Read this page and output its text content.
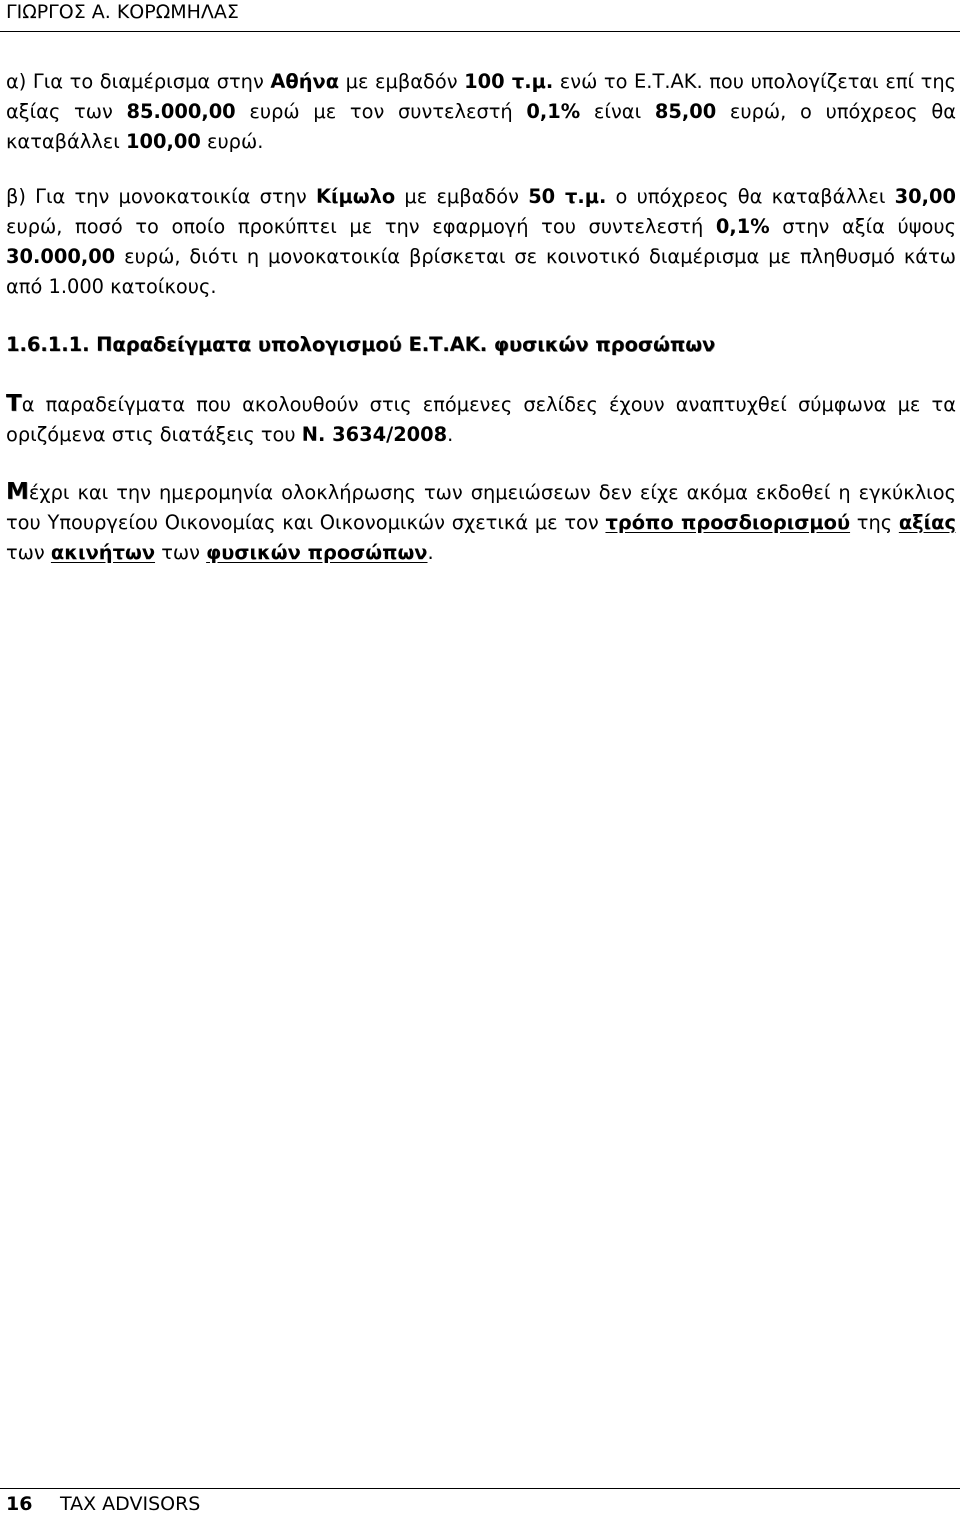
ΓΙΩΡΓΟΣ Α. ΚΟΡΩΜΗΛΑΣ
α) Για το διαμέρισμα στην Αθήνα με εμβαδόν 100 τ.μ. ενώ το Ε.Τ.ΑΚ. που υπολογίζεται επί της αξίας των 85.000,00 ευρώ με τον συντελεστή 0,1% είναι 85,00 ευρώ, ο υπόχρεος θα καταβάλλει 100,00 ευρώ.
β) Για την μονοκατοικία στην Κίμωλο με εμβαδόν 50 τ.μ. ο υπόχρεος θα καταβάλλει 30,00 ευρώ, ποσό το οποίο προκύπτει με την εφαρμογή του συντελεστή 0,1% στην αξία ύψους 30.000,00 ευρώ, διότι η μονοκατοικία βρίσκεται σε κοινοτικό διαμέρισμα με πληθυσμό κάτω από 1.000 κατοίκους.
1.6.1.1. Παραδείγματα υπολογισμού Ε.Τ.ΑΚ. φυσικών προσώπων
Τα παραδείγματα που ακολουθούν στις επόμενες σελίδες έχουν αναπτυχθεί σύμφωνα με τα οριζόμενα στις διατάξεις του Ν. 3634/2008.
Μέχρι και την ημερομηνία ολοκλήρωσης των σημειώσεων δεν είχε ακόμα εκδοθεί η εγκύκλιος του Υπουργείου Οικονομίας και Οικονομικών σχετικά με τον τρόπο προσδιορισμού της αξίας των ακινήτων των φυσικών προσώπων.
16 TAX ADVISORS
